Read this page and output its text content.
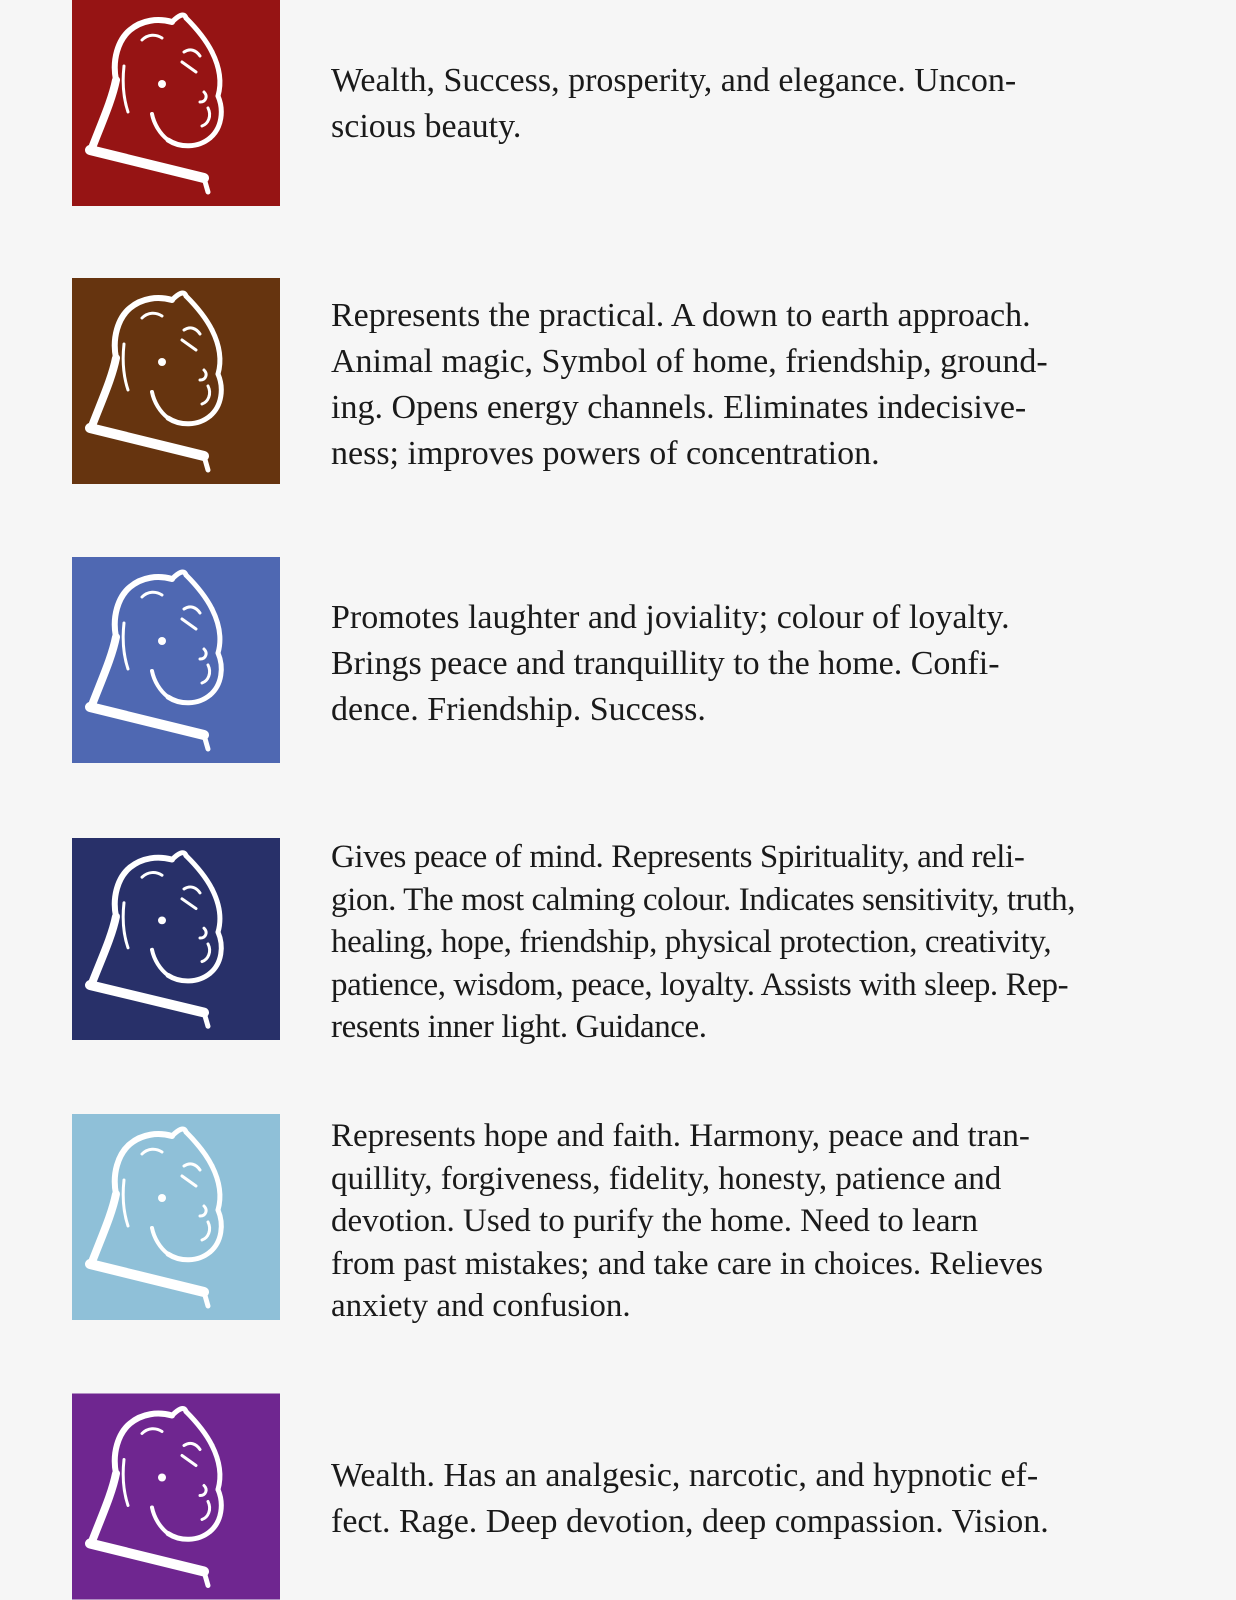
Wealth, Success, prosperity, and elegance. Uncon-
scious beauty.

Represents the practical. A down to earth approach.
Animal magic, Symbol of home, friendship, ground-
ing. Opens energy channels. Eliminates indecisive-
ness; improves powers of concentration.

Promotes laughter and joviality; colour of loyalty.
Brings peace and tranquillity to the home. Confi-
dence. Friendship. Success.

Gives peace of mind. Represents Spirituality, and reli-
gion. The most calming colour. Indicates sensitivity, truth,
healing, hope, friendship, physical protection, creativity,
patience, wisdom, peace, loyalty. Assists with sleep. Rep-
resents inner light. Guidance.

Represents hope and faith. Harmony, peace and tran-
quillity, forgiveness, fidelity, honesty, patience and
devotion. Used to purify the home. Need to learn
from past mistakes; and take care in choices. Relieves
anxiety and confusion.

Wealth. Has an analgesic, narcotic, and hypnotic ef-
fect. Rage. Deep devotion, deep compassion. Vision.
